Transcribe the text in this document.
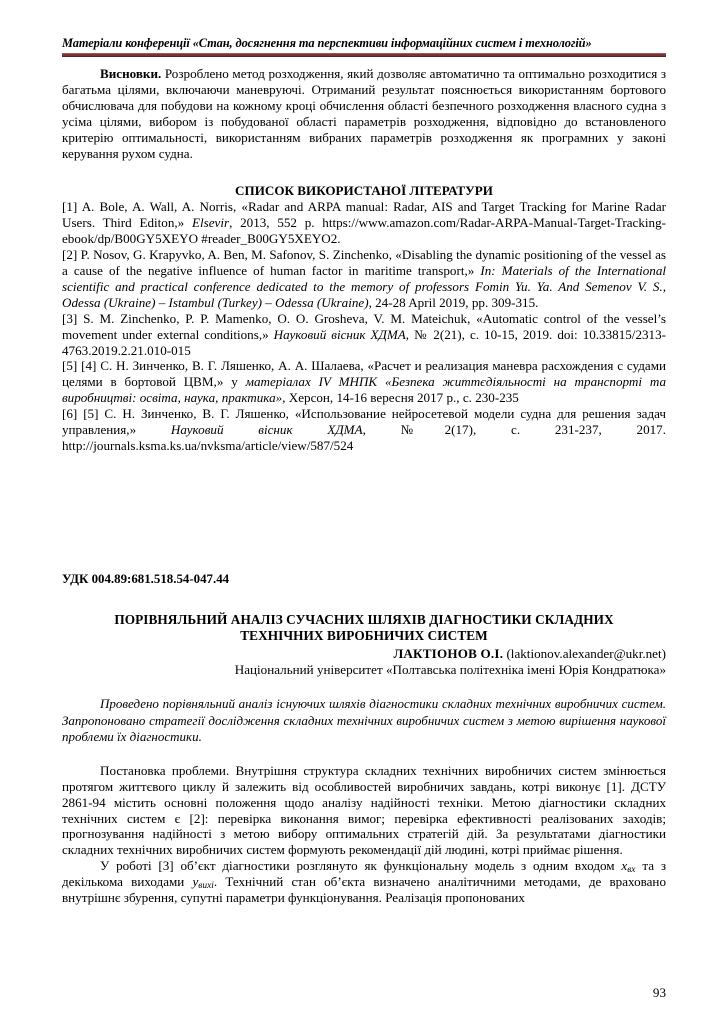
Матеріали конференції «Стан, досягнення та перспективи інформаційних систем і технологій»

Висновки. Розроблено метод розходження, який дозволяє автоматично та оптимально розходитися з багатьма цілями, включаючи маневруючі. Отриманий результат пояснюється використанням бортового обчислювача для побудови на кожному кроці обчислення області безпечного розходження власного судна з усіма цілями, вибором із побудованої області параметрів розходження, відповідно до встановленого критерію оптимальності, використанням вибраних параметрів розходження як програмних у законі керування рухом судна.

СПИСОК ВИКОРИСТАНОЇ ЛІТЕРАТУРИ

[1] A. Bole, A. Wall, A. Norris, «Radar and ARPA manual: Radar, AIS and Target Tracking for Marine Radar Users. Third Editon,» Elsevir, 2013, 552 p. https://www.amazon.com/Radar-ARPA-Manual-Target-Tracking-ebook/dp/B00GY5XEYO #reader_B00GY5XEYO2.

[2] P. Nosov, G. Krapyvko, A. Ben, M. Safonov, S. Zinchenko, «Disabling the dynamic positioning of the vessel as a cause of the negative influence of human factor in maritime transport,» In: Materials of the International scientific and practical conference dedicated to the memory of professors Fomin Yu. Ya. And Semenov V. S., Odessa (Ukraine) – Istambul (Turkey) – Odessa (Ukraine), 24-28 April 2019, pp. 309-315.

[3] S. M. Zinchenko, P. P. Mamenko, O. O. Grosheva, V. M. Mateichuk, «Automatic control of the vessel’s movement under external conditions,» Науковий вісник ХДМА, № 2(21), с. 10-15, 2019. doi: 10.33815/2313-4763.2019.2.21.010-015

[5] [4] С. Н. Зинченко, В. Г. Ляшенко, А. А. Шалаева, «Расчет и реализация маневра расхождения с судами целями в бортовой ЦВМ,» у матеріалах IV МНПК «Безпека життєдіяльності на транспорті та виробництві: освіта, наука, практика», Херсон, 14-16 вересня 2017 р., с. 230-235

[6] [5] С. Н. Зинченко, В. Г. Ляшенко, «Использование нейросетевой модели судна для решения задач управления,» Науковий вісник ХДМА, №2(17), с. 231-237, 2017. http://journals.ksma.ks.ua/nvksma/article/view/587/524

УДК 004.89:681.518.54-047.44
ПОРІВНЯЛЬНИЙ АНАЛІЗ СУЧАСНИХ ШЛЯХІВ ДІАГНОСТИКИ СКЛАДНИХ
ТЕХНІЧНИХ ВИРОБНИЧИХ СИСТЕМ
ЛАКТІОНОВ О.І. (laktionov.alexander@ukr.net)
Національний університет «Полтавська політехніка імені Юрія Кондратюка»

Проведено порівняльний аналіз існуючих шляхів діагностики складних технічних виробничих систем. Запропоновано стратегії дослідження складних технічних виробничих систем з метою вирішення наукової проблеми їх діагностики.

Постановка проблеми. Внутрішня структура складних технічних виробничих систем змінюється протягом життєвого циклу й залежить від особливостей виробничих завдань, котрі виконує [1]. ДСТУ 2861-94 містить основні положення щодо аналізу надійності техніки. Метою діагностики складних технічних систем є [2]: перевірка виконання вимог; перевірка ефективності реалізованих заходів; прогнозування надійності з метою вибору оптимальних стратегій дій. За результатами діагностики складних технічних виробничих систем формують рекомендації дій людині, котрі приймає рішення.

У роботі [3] об’єкт діагностики розглянуто як функціональну модель з одним входом $x_{вх}$ та з декількома виходами $y_{вихі}$. Технічний стан об’єкта визначено аналітичними методами, де враховано внутрішнє збурення, супутні параметри функціонування. Реалізація пропонованих

93
